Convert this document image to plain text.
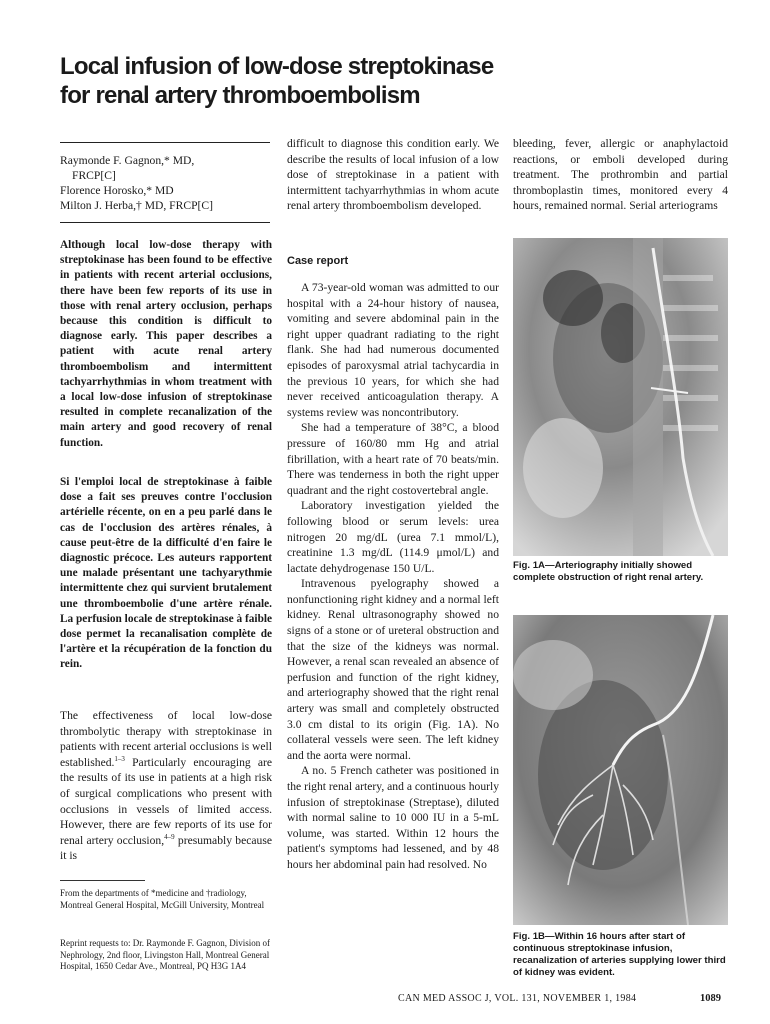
Local infusion of low-dose streptokinase
for renal artery thromboembolism
Raymonde F. Gagnon,* MD,
FRCP[C]
Florence Horosko,* MD
Milton J. Herba,† MD, FRCP[C]
Although local low-dose therapy with streptokinase has been found to be effective in patients with recent arterial occlusions, there have been few reports of its use in those with renal artery occlusion, perhaps because this condition is difficult to diagnose early. This paper describes a patient with acute renal artery thromboembolism and intermittent tachyarrhythmias in whom treatment with a local low-dose infusion of streptokinase resulted in complete recanalization of the main artery and good recovery of renal function.
Si l'emploi local de streptokinase à faible dose a fait ses preuves contre l'occlusion artérielle récente, on en a peu parlé dans le cas de l'occlusion des artères rénales, à cause peut-être de la difficulté d'en faire le diagnostic précoce. Les auteurs rapportent une malade présentant une tachyarythmie intermittente chez qui survient brutalement une thromboembolie d'une artère rénale. La perfusion locale de streptokinase à faible dose permet la recanalisation complète de l'artère et la récupération de la fonction du rein.
The effectiveness of local low-dose thrombolytic therapy with streptokinase in patients with recent arterial occlusions is well established.$^{1-3}$ Particularly encouraging are the results of its use in patients at a high risk of surgical complications who present with occlusions in vessels of limited access. However, there are few reports of its use for renal artery occlusion,$^{4-9}$ presumably because it is
From the departments of *medicine and †radiology, Montreal General Hospital, McGill University, Montreal
Reprint requests to: Dr. Raymonde F. Gagnon, Division of Nephrology, 2nd floor, Livingston Hall, Montreal General Hospital, 1650 Cedar Ave., Montreal, PQ H3G 1A4
difficult to diagnose this condition early. We describe the results of local infusion of a low dose of streptokinase in a patient with intermittent tachyarrhythmias in whom acute renal artery thromboembolism developed.
Case report

A 73-year-old woman was admitted to our hospital with a 24-hour history of nausea, vomiting and severe abdominal pain in the right upper quadrant radiating to the right flank. She had had numerous documented episodes of paroxysmal atrial tachycardia in the previous 10 years, for which she had never received anticoagulation therapy. A systems review was noncontributory.

She had a temperature of 38°C, a blood pressure of 160/80 mm Hg and atrial fibrillation, with a heart rate of 70 beats/min. There was tenderness in both the right upper quadrant and the right costovertebral angle.

Laboratory investigation yielded the following blood or serum levels: urea nitrogen 20 mg/dL (urea 7.1 mmol/L), creatinine 1.3 mg/dL (114.9 μmol/L) and lactate dehydrogenase 150 U/L.

Intravenous pyelography showed a nonfunctioning right kidney and a normal left kidney. Renal ultrasonography showed no signs of a stone or of ureteral obstruction and that the size of the kidneys was normal. However, a renal scan revealed an absence of perfusion and function of the right kidney, and arteriography showed that the right renal artery was small and completely obstructed 3.0 cm distal to its origin (Fig. 1A). No collateral vessels were seen. The left kidney and the aorta were normal.

A no. 5 French catheter was positioned in the right renal artery, and a continuous hourly infusion of streptokinase (Streptase), diluted with normal saline to 10 000 IU in a 5-mL volume, was started. Within 12 hours the patient's symptoms had lessened, and by 48 hours her abdominal pain had resolved. No

bleeding, fever, allergic or anaphylactoid reactions, or emboli developed during treatment. The prothrombin and partial thromboplastin times, monitored every 4 hours, remained normal. Serial arteriograms
Fig. 1A—Arteriography initially showed complete obstruction of right renal artery.
Fig. 1B—Within 16 hours after start of continuous streptokinase infusion, recanalization of arteries supplying lower third of kidney was evident.
CAN MED ASSOC J, VOL. 131, NOVEMBER 1, 1984	1089
